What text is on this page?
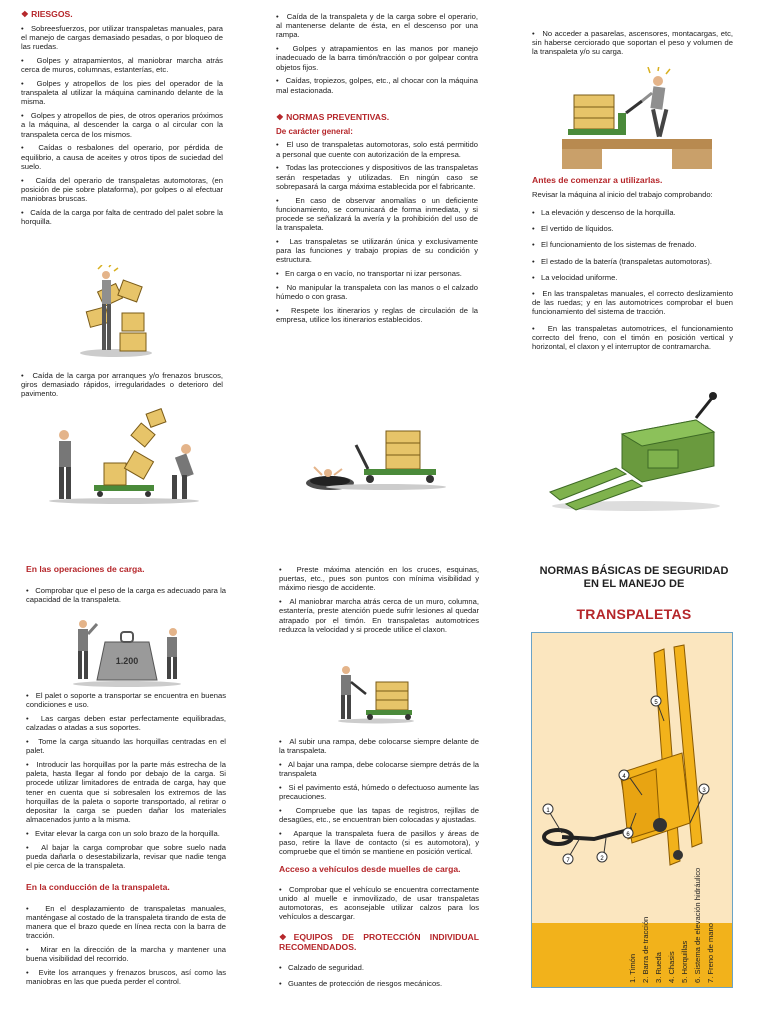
❖ RIESGOS.

•   Sobreesfuerzos, por utilizar transpaletas manuales, para el manejo de cargas demasiado pesadas, o por bloqueo de las ruedas.

•   Golpes y atrapamientos, al maniobrar marcha atrás cerca de muros, columnas, estanterías, etc.

•   Golpes y atropellos de los pies del operador de la transpaleta al utilizar la máquina caminando delante de la misma.

•   Golpes y atropellos de pies, de otros operarios próximos a la máquina, al descender la carga o al circular con la transpaleta cerca de los mismos.

•   Caídas o resbalones del operario, por pérdida de equilibrio, a causa de aceites y otros tipos de suciedad del suelo.

•   Caída del operario de transpaletas automotoras, (en posición de pie sobre plataforma), por golpes o al efectuar maniobras bruscas.

•   Caída de la carga por falta de centrado del palet sobre la horquilla.

•   Caída de la carga por arranques y/o frenazos bruscos, giros demasiado rápidos, irregularidades o deterioro del pavimento.

•   Caída de la transpaleta y de la carga sobre el operario, al mantenerse delante de ésta, en el descenso por una rampa.

•   Golpes y atrapamientos en las manos por manejo inadecuado de la barra timón/tracción o por golpear contra objetos fijos.

•   Caídas, tropiezos, golpes, etc., al chocar con la máquina mal estacionada.

❖ NORMAS PREVENTIVAS.

De carácter general:

•   El uso de transpaletas automotoras, solo está permitido a personal que cuente con autorización de la empresa.

•   Todas las protecciones y dispositivos de las transpaletas serán respetadas y utilizadas. En ningún caso se sobrepasará la carga máxima establecida por el fabricante.

•   En caso de observar anomalías o un deficiente funcionamiento, se comunicará de forma inmediata, y si procede se señalizará la avería y la prohibición del uso de la transpaleta.

•   Las transpaletas se utilizarán única y exclusivamente para las funciones y trabajo propias de su condición y estructura.

•   En carga o en vacío, no transportar ni izar personas.

•   No manipular la transpaleta con las manos o el calzado húmedo o con grasa.

•   Respete los itinerarios y reglas de circulación de la empresa, utilice los itinerarios establecidos.

•   No acceder a pasarelas, ascensores, montacargas, etc, sin haberse cerciorado que soportan el peso y volumen de la transpaleta y/o su carga.

Antes de comenzar a utilizarlas.

Revisar la máquina al inicio del trabajo comprobando:

•   La elevación y descenso de la horquilla.

•   El vertido de líquidos.

•   El funcionamiento de los sistemas de frenado.

•   El estado de la batería (transpaletas automotoras).

•   La velocidad uniforme.

•   En las transpaletas manuales, el correcto deslizamiento de las ruedas; y en las automotrices comprobar el buen funcionamiento del sistema de tracción.

•   En las transpaletas automotrices, el funcionamiento correcto del freno, con el timón en posición vertical y horizontal, el claxon y el interruptor de contramarcha.

En las operaciones de carga.

•   Comprobar que el peso de la carga es adecuado para la capacidad de la transpaleta.

1.200

•   El palet o soporte a transportar se encuentra en buenas condiciones e uso.

•   Las cargas deben estar perfectamente equilibradas, calzadas o atadas a sus soportes.

•   Tome la carga situando las horquillas centradas en el palet.

•   Introducir las horquillas por la parte más estrecha de la paleta, hasta llegar al fondo por debajo de la carga. Si procede utilizar limitadores de entrada de carga, hay que tener en cuenta que si sobresalen los extremos de las horquillas de la paleta o soporte transportado, al retirar o depositar la carga se pueden dañar los materiales almacenados junto a la misma.

•   Evitar elevar la carga con un solo brazo de la horquilla.

•   Al bajar la carga comprobar que sobre suelo nada pueda dañarla o desestabilizarla, revisar que nadie tenga el pie cerca de la transpaleta.

En la conducción de la transpaleta.

•   En el desplazamiento de transpaletas manuales, manténgase al costado de la transpaleta tirando de esta de manera que el brazo quede en línea recta con la barra de tracción.

•   Mirar en la dirección de la marcha y mantener una buena visibilidad del recorrido.

•   Evite los arranques y frenazos bruscos, así como las maniobras en las que pueda perder el control.

•   Preste máxima atención en los cruces, esquinas, puertas, etc., pues son puntos con mínima visibilidad y máximo riesgo de accidente.

•   Al maniobrar marcha atrás cerca de un muro, columna, estantería, preste atención puede sufrir lesiones al quedar atrapado por el timón. En transpaletas automotrices reduzca la velocidad y si procede utilice el claxon.

•   Al subir una rampa, debe colocarse siempre delante de la transpaleta.

•   Al bajar una rampa, debe colocarse siempre detrás de la transpaleta

•   Si el pavimento está, húmedo o defectuoso aumente las precauciones.

•   Compruebe que las tapas de registros, rejillas de desagües, etc., se encuentran bien colocadas y ajustadas.

•   Aparque la transpaleta fuera de pasillos y áreas de paso, retire la llave de contacto (si es automotora), y compruebe que el timón se mantiene en posición vertical.

Acceso a vehículos desde muelles de carga.

•   Comprobar que el vehículo se encuentra correctamente unido al muelle e inmovilizado, de usar transpaletas automotoras, es aconsejable utilizar calzos para los vehículos a descargar.

❖EQUIPOS DE PROTECCIÓN INDIVIDUAL RECOMENDADOS.

•   Calzado de seguridad.

•   Guantes de protección de riesgos mecánicos.

NORMAS BÁSICAS DE SEGURIDAD
EN EL MANEJO DE
TRANSPALETAS
1
2
3
4
5
6
7
1. Timón 2. Barra de tracción 3. Rueda 4. Chasis 5. Horquillas 6. Sistema de elevación hidráulico 7. Freno de mano
